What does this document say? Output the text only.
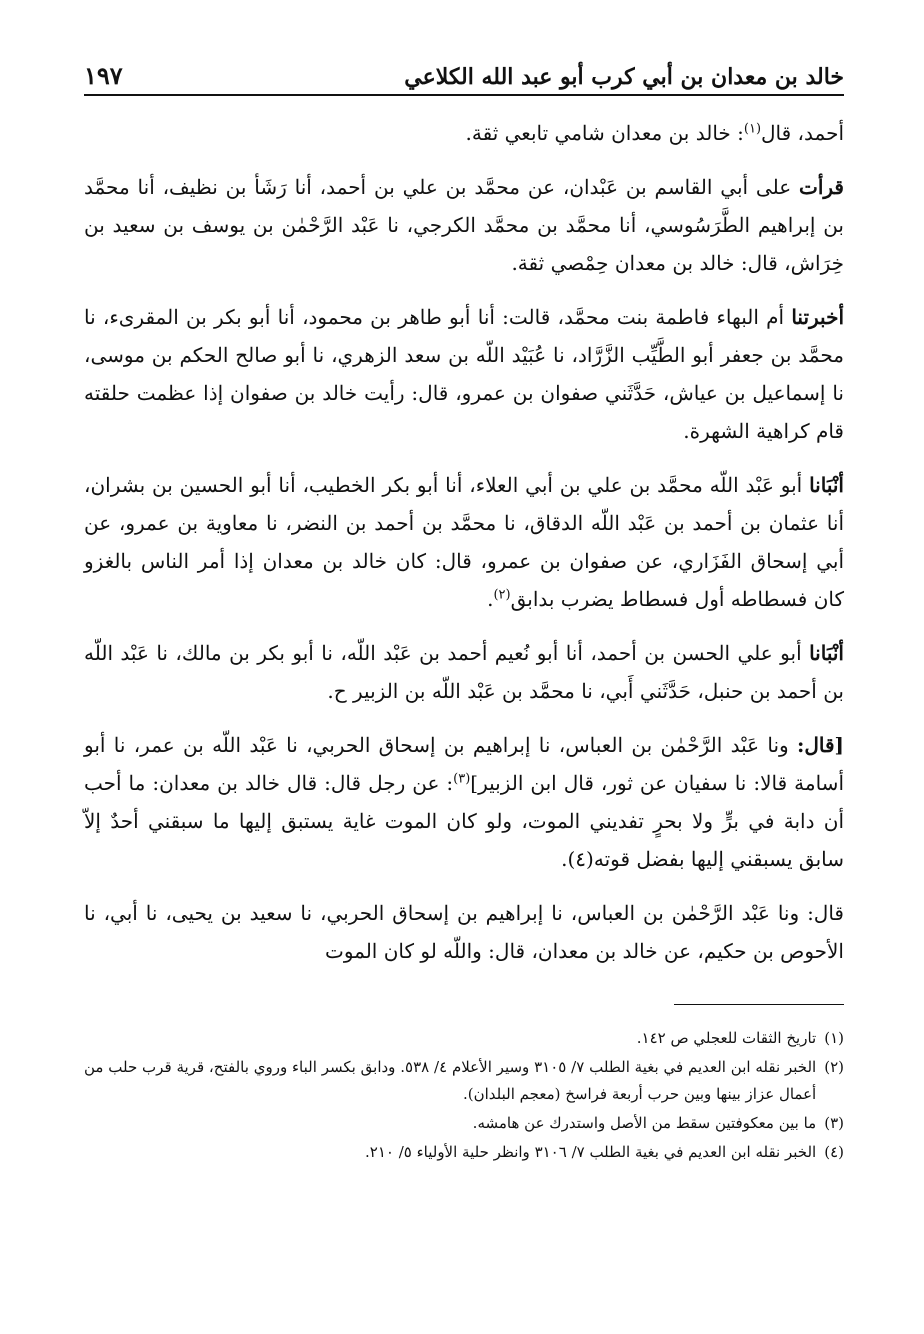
خالد بن معدان بن أبي كرب أبو عبد الله الكلاعي
١٩٧

أحمد، قال$^{(١)}$: خالد بن معدان شامي تابعي ثقة.

قرأت على أبي القاسم بن عَبْدان، عن محمَّد بن علي بن أحمد، أنا رَشَأ بن نظيف، أنا محمَّد بن إبراهيم الطَّرَسُوسي، أنا محمَّد بن محمَّد الكرجي، نا عَبْد الرَّحْمٰن بن يوسف بن سعيد بن خِرَاش، قال: خالد بن معدان حِمْصي ثقة.

أخبرتنا أم البهاء فاطمة بنت محمَّد، قالت: أنا أبو طاهر بن محمود، أنا أبو بكر بن المقرىء، نا محمَّد بن جعفر أبو الطَّيِّب الزَّرَّاد، نا عُبَيْد اللّه بن سعد الزهري، نا أبو صالح الحكم بن موسى، نا إسماعيل بن عياش، حَدَّثَني صفوان بن عمرو، قال: رأيت خالد بن صفوان إذا عظمت حلقته قام كراهية الشهرة.

أنْبَانا أبو عَبْد اللّه محمَّد بن علي بن أبي العلاء، أنا أبو بكر الخطيب، أنا أبو الحسين بن بشران، أنا عثمان بن أحمد بن عَبْد اللّه الدقاق، نا محمَّد بن أحمد بن النضر، نا معاوية بن عمرو، عن أبي إسحاق الفَزَاري، عن صفوان بن عمرو، قال: كان خالد بن معدان إذا أمر الناس بالغزو كان فسطاطه أول فسطاط يضرب بدابق$^{(٢)}$.

أنْبَانا أبو علي الحسن بن أحمد، أنا أبو نُعيم أحمد بن عَبْد اللّه، نا أبو بكر بن مالك، نا عَبْد اللّه بن أحمد بن حنبل، حَدَّثَني أَبي، نا محمَّد بن عَبْد اللّه بن الزبير ح.

[قال: ونا عَبْد الرَّحْمٰن بن العباس، نا إبراهيم بن إسحاق الحربي، نا عَبْد اللّه بن عمر، نا أبو أسامة قالا: نا سفيان عن ثور، قال ابن الزبير]$^{(٣)}$: عن رجل قال: قال خالد بن معدان: ما أحب أن دابة في برٍّ ولا بحرٍ تفديني الموت، ولو كان الموت غاية يستبق إليها ما سبقني أحدٌ إلاّ سابق يسبقني إليها بفضل قوته(٤).

قال: ونا عَبْد الرَّحْمٰن بن العباس، نا إبراهيم بن إسحاق الحربي، نا سعيد بن يحيى، نا أبي، نا الأحوص بن حكيم، عن خالد بن معدان، قال: واللّه لو كان الموت

(١)
تاريخ الثقات للعجلي ص ١٤٢.
(٢)
الخبر نقله ابن العديم في بغية الطلب ٧/ ٣١٠٥ وسير الأعلام ٤/ ٥٣٨. ودابق بكسر الباء وروي بالفتح، قرية قرب حلب من أعمال عزاز بينها وبين حرب أربعة فراسخ (معجم البلدان).
(٣)
ما بين معكوفتين سقط من الأصل واستدرك عن هامشه.
(٤)
الخبر نقله ابن العديم في بغية الطلب ٧/ ٣١٠٦ وانظر حلية الأولياء ٥/ ٢١٠.
